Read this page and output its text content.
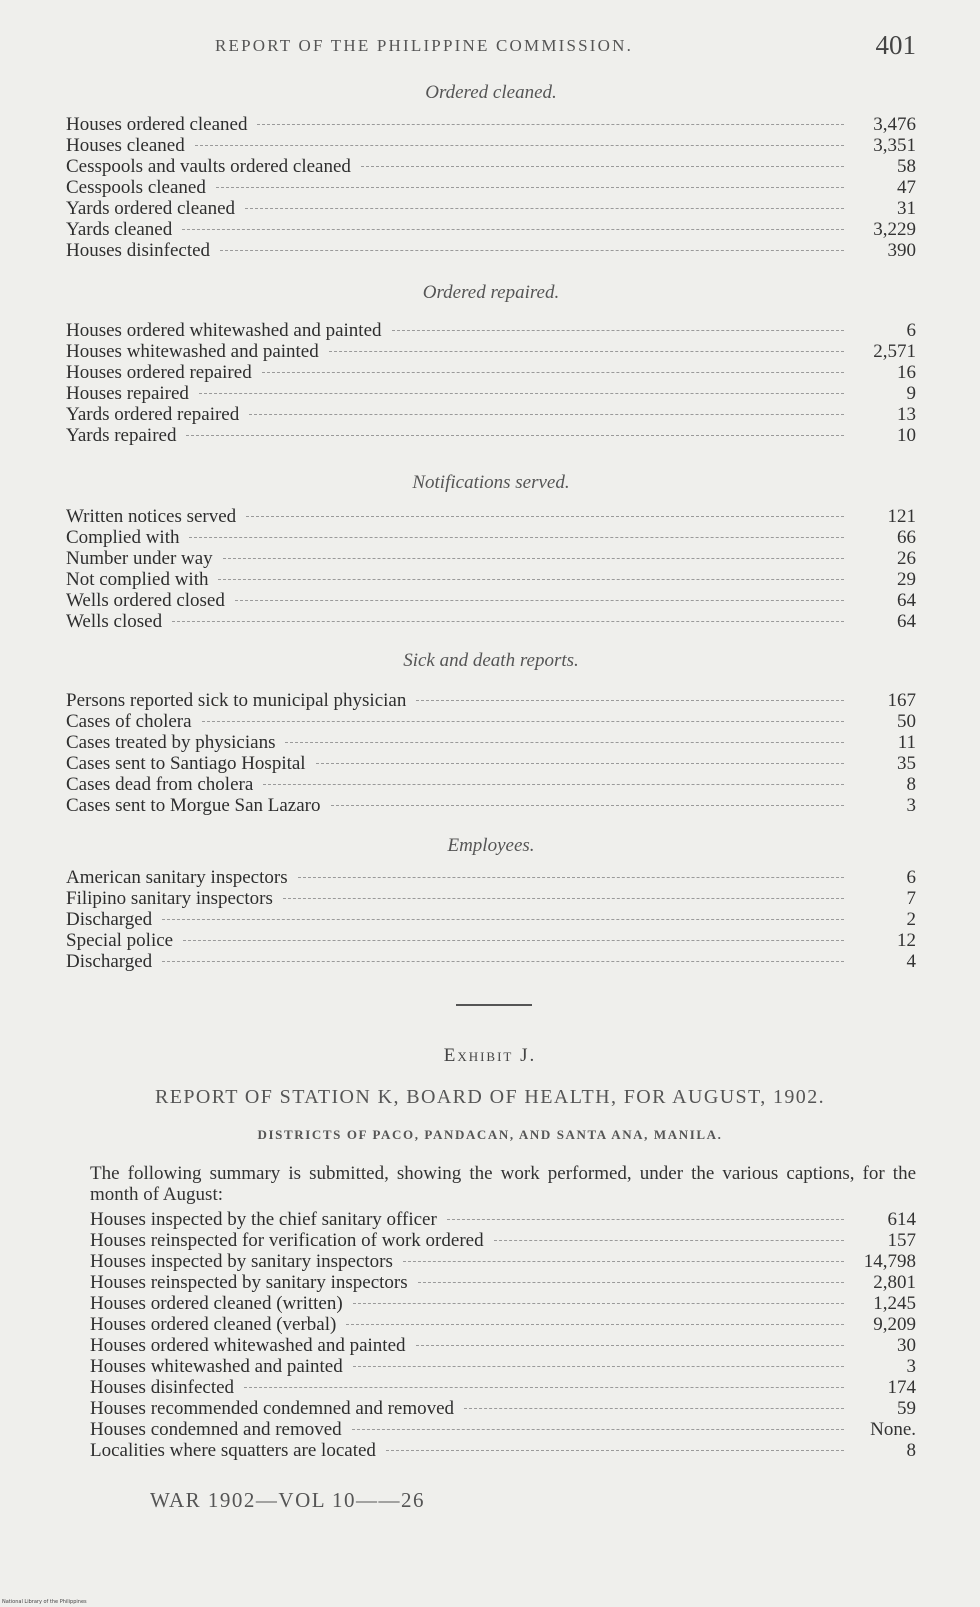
REPORT OF THE PHILIPPINE COMMISSION.	401
Ordered cleaned.
Houses ordered cleaned	3,476
Houses cleaned	3,351
Cesspools and vaults ordered cleaned	58
Cesspools cleaned	47
Yards ordered cleaned	31
Yards cleaned	3,229
Houses disinfected	390
Ordered repaired.
Houses ordered whitewashed and painted	6
Houses whitewashed and painted	2,571
Houses ordered repaired	16
Houses repaired	9
Yards ordered repaired	13
Yards repaired	10
Notifications served.
Written notices served	121
Complied with	66
Number under way	26
Not complied with	29
Wells ordered closed	64
Wells closed	64
Sick and death reports.
Persons reported sick to municipal physician	167
Cases of cholera	50
Cases treated by physicians	11
Cases sent to Santiago Hospital	35
Cases dead from cholera	8
Cases sent to Morgue San Lazaro	3
Employees.
American sanitary inspectors	6
Filipino sanitary inspectors	7
Discharged	2
Special police	12
Discharged	4
Exhibit J.
REPORT OF STATION K, BOARD OF HEALTH, FOR AUGUST, 1902.
DISTRICTS OF PACO, PANDACAN, AND SANTA ANA, MANILA.
The following summary is submitted, showing the work performed, under the various captions, for the month of August:
Houses inspected by the chief sanitary officer	614
Houses reinspected for verification of work ordered	157
Houses inspected by sanitary inspectors	14,798
Houses reinspected by sanitary inspectors	2,801
Houses ordered cleaned (written)	1,245
Houses ordered cleaned (verbal)	9,209
Houses ordered whitewashed and painted	30
Houses whitewashed and painted	3
Houses disinfected	174
Houses recommended condemned and removed	59
Houses condemned and removed	None.
Localities where squatters are located	8
WAR 1902—VOL 10——26
National Library of the Philippines
